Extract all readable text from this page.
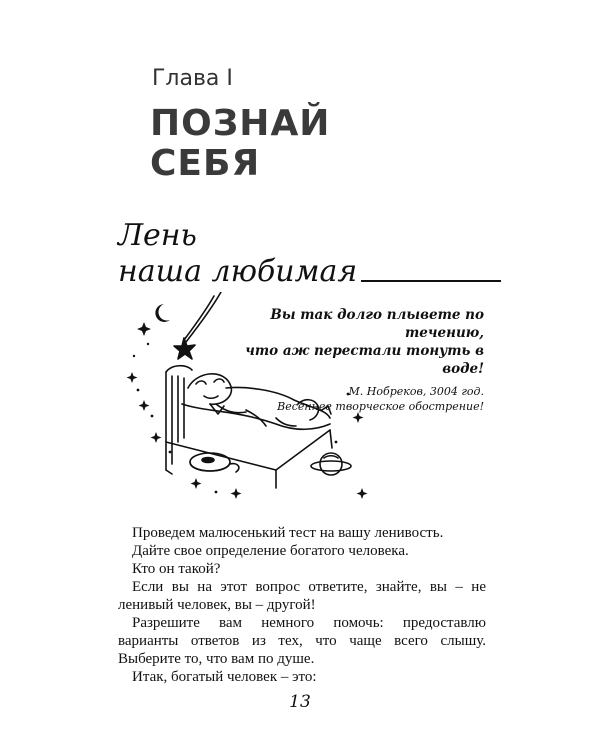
Глава I
ПОЗНАЙ
СЕБЯ
Лень
наша любимая
Вы так долго плывете по течению,
что аж перестали тонуть в воде!
М. Нобреков, 3004 год.
Весеннее творческое обострение!

Проведем малюсенький тест на вашу ленивость.

Дайте свое определение богатого человека.

Кто он такой?

Если вы на этот вопрос ответите, знайте, вы – не ленивый человек, вы – другой!

Разрешите вам немного помочь: предоставлю варианты ответов из тех, что чаще всего слышу. Выберите то, что вам по душе.

Итак, богатый человек – это:

13
